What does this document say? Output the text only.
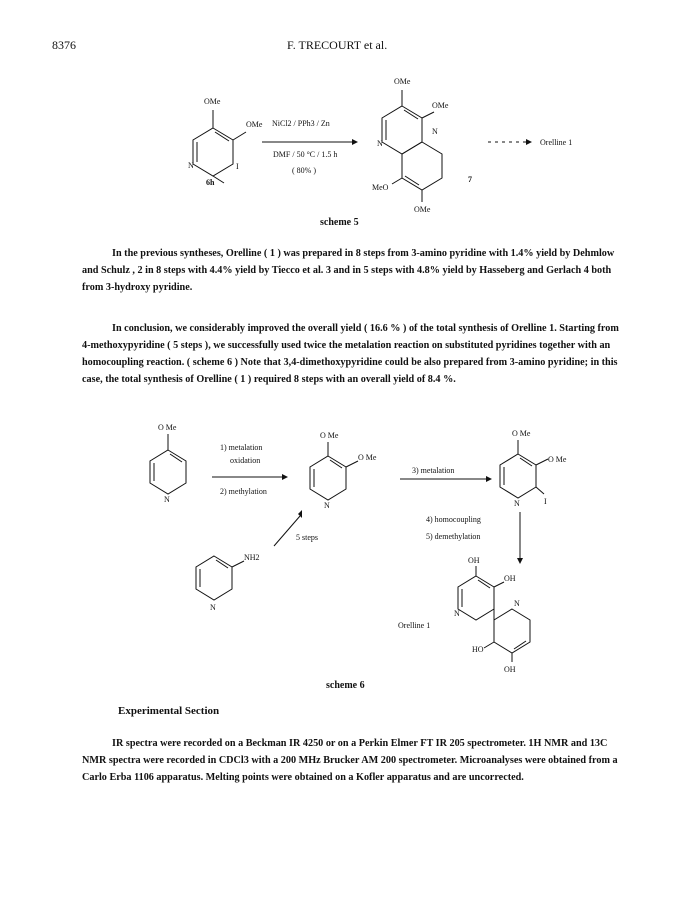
8376	F. TRECOURT et al.
OMe
OMe
N	I
6h
NiCl2 / PPh3 / Zn
DMF / 50 °C / 1.5 h
( 80% )
OMe
OMe
N
N
MeO
OMe
7
Orelline 1
scheme 5
In the previous syntheses, Orelline ( 1 ) was prepared in 8 steps from 3-amino pyridine with 1.4% yield by Dehmlow and Schulz , 2 in 8 steps with 4.4% yield by Tiecco et al. 3 and in 5 steps with 4.8% yield by Hasseberg and Gerlach 4 both from 3-hydroxy pyridine.
In conclusion, we considerably improved the overall yield ( 16.6 % ) of the total synthesis of Orelline 1. Starting from 4-methoxypyridine ( 5 steps ), we successfully used twice the metalation reaction on substituted pyridines together with an homocoupling reaction. ( scheme 6 ) Note that 3,4-dimethoxypyridine could be also prepared from 3-amino pyridine; in this case, the total synthesis of Orelline ( 1 ) required 8 steps with an overall yield of 8.4 %.
O Me
N
1) metalation
oxidation
2) methylation
O Me
O Me
N
3) metalation
O Me
O Me
N	I
NH2
N
5 steps
4) homocoupling
5) demethylation
OH
OH
N
N
HO
OH
Orelline 1
scheme 6
Experimental Section
IR spectra were recorded on a Beckman IR 4250 or on a Perkin Elmer FT IR 205 spectrometer. 1H NMR and 13C NMR spectra were recorded in CDCl3 with a 200 MHz Brucker AM 200 spectrometer. Microanalyses were obtained from a Carlo Erba 1106 apparatus. Melting points were obtained on a Kofler apparatus and are uncorrected.
